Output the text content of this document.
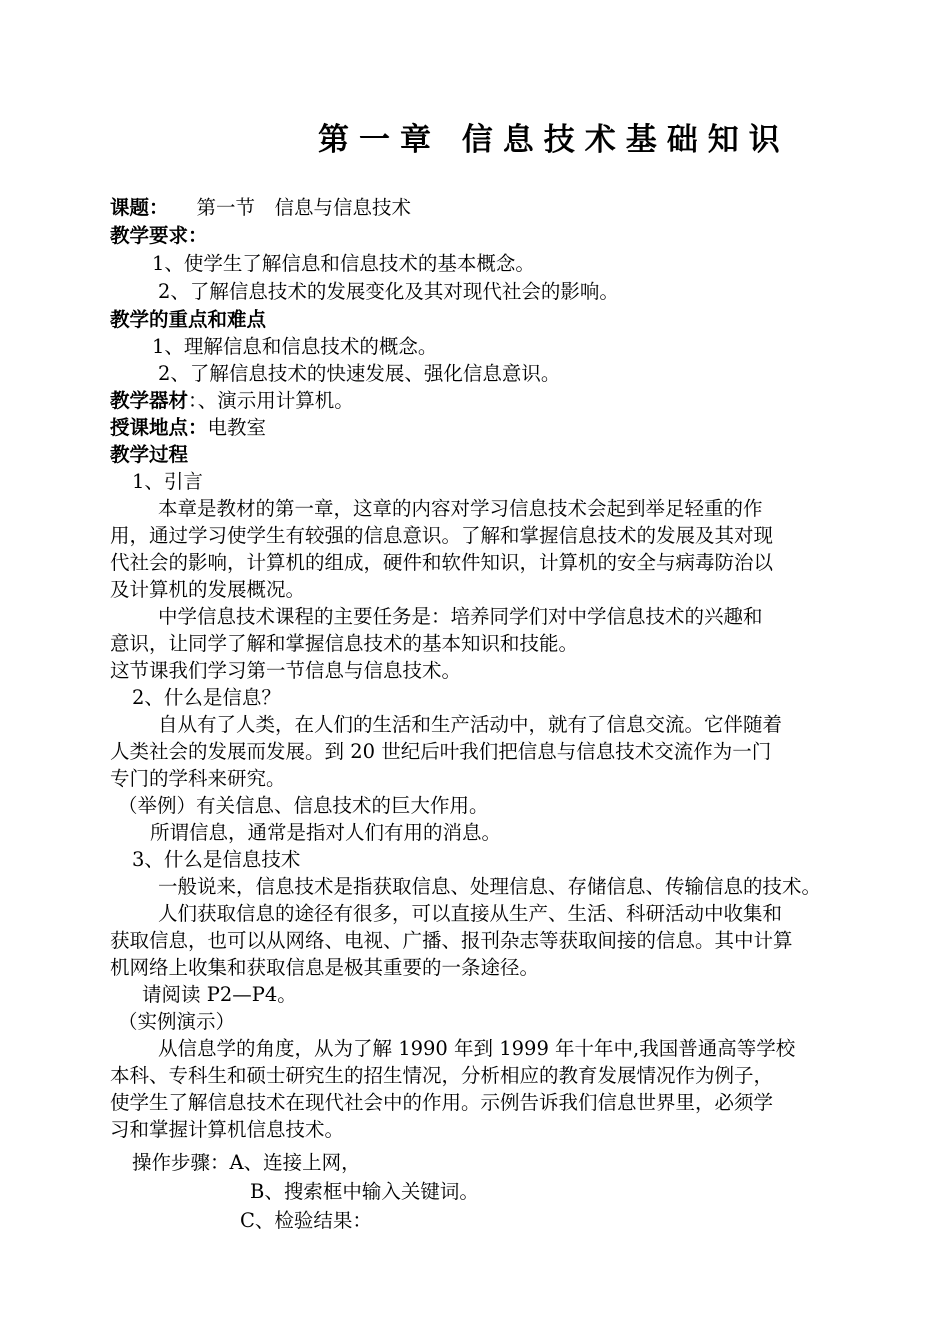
第一章 信息技术基础知识

课题： 第一节　信息与信息技术

教学要求：

1、使学生了解信息和信息技术的基本概念。

2、了解信息技术的发展变化及其对现代社会的影响。

教学的重点和难点

1、理解信息和信息技术的概念。

2、了解信息技术的快速发展、强化信息意识。

教学器材：、演示用计算机。

授课地点：电教室

教学过程

1、引言

本章是教材的第一章，这章的内容对学习信息技术会起到举足轻重的作

用，通过学习使学生有较强的信息意识。了解和掌握信息技术的发展及其对现

代社会的影响，计算机的组成，硬件和软件知识，计算机的安全与病毒防治以

及计算机的发展概况。

中学信息技术课程的主要任务是：培养同学们对中学信息技术的兴趣和

意识，让同学了解和掌握信息技术的基本知识和技能。

这节课我们学习第一节信息与信息技术。

2、什么是信息？

自从有了人类，在人们的生活和生产活动中，就有了信息交流。它伴随着

人类社会的发展而发展。到 20 世纪后叶我们把信息与信息技术交流作为一门

专门的学科来研究。

（举例）有关信息、信息技术的巨大作用。

所谓信息，通常是指对人们有用的消息。

3、什么是信息技术

一般说来，信息技术是指获取信息、处理信息、存储信息、传输信息的技术。

人们获取信息的途径有很多，可以直接从生产、生活、科研活动中收集和

获取信息，也可以从网络、电视、广播、报刊杂志等获取间接的信息。其中计算

机网络上收集和获取信息是极其重要的一条途径。

请阅读 P2—P4。

（实例演示）

从信息学的角度，从为了解 1990 年到 1999 年十年中,我国普通高等学校

本科、专科生和硕士研究生的招生情况，分析相应的教育发展情况作为例子，

使学生了解信息技术在现代社会中的作用。示例告诉我们信息世界里，必须学

习和掌握计算机信息技术。

操作步骤：A、连接上网，

B、搜索框中输入关键词。

C、检验结果：
